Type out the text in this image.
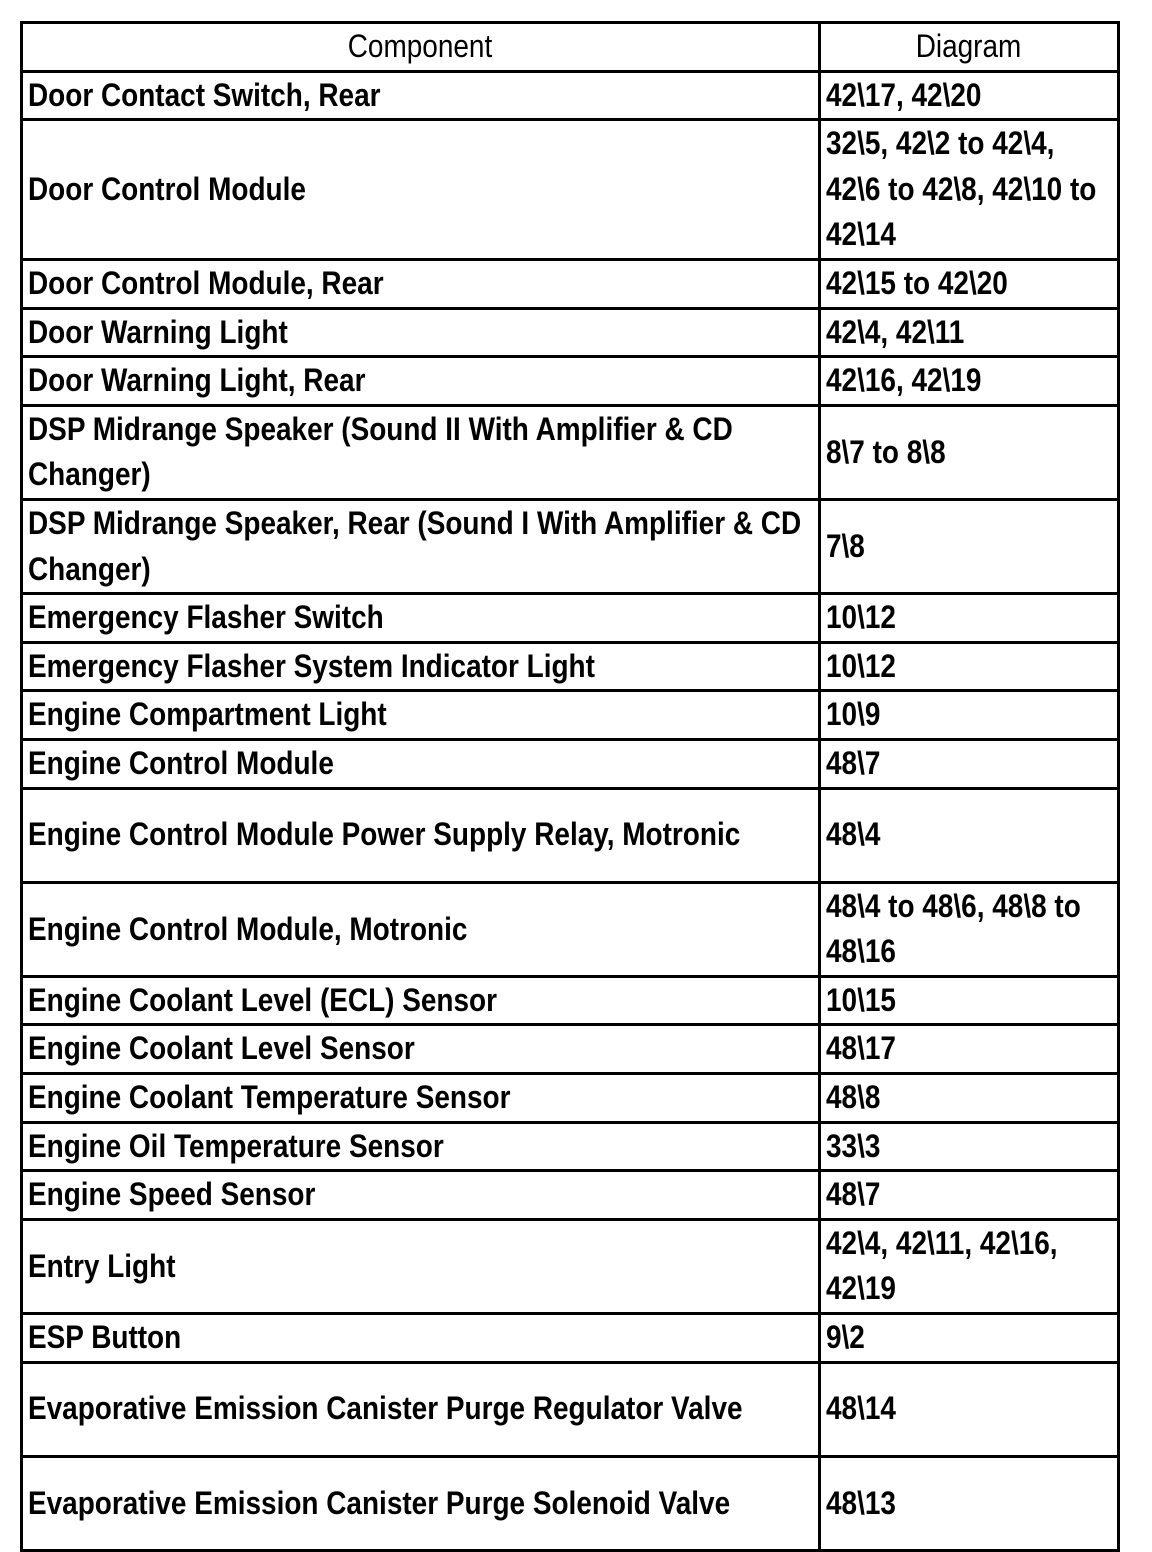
Component	Diagram

Door Contact Switch, Rear	42\17, 42\20

Door Control Module	32\5, 42\2 to 42\4, 42\6 to 42\8, 42\10 to 42\14

Door Control Module, Rear	42\15 to 42\20

Door Warning Light	42\4, 42\11

Door Warning Light, Rear	42\16, 42\19

DSP Midrange Speaker (Sound II With Amplifier & CD Changer)	8\7 to 8\8

DSP Midrange Speaker, Rear (Sound I With Amplifier & CD Changer)	7\8

Emergency Flasher Switch	10\12

Emergency Flasher System Indicator Light	10\12

Engine Compartment Light	10\9

Engine Control Module	48\7

Engine Control Module Power Supply Relay, Motronic	48\4

Engine Control Module, Motronic	48\4 to 48\6, 48\8 to 48\16

Engine Coolant Level (ECL) Sensor	10\15

Engine Coolant Level Sensor	48\17

Engine Coolant Temperature Sensor	48\8

Engine Oil Temperature Sensor	33\3

Engine Speed Sensor	48\7

Entry Light	42\4, 42\11, 42\16, 42\19

ESP Button	9\2

Evaporative Emission Canister Purge Regulator Valve	48\14

Evaporative Emission Canister Purge Solenoid Valve	48\13
